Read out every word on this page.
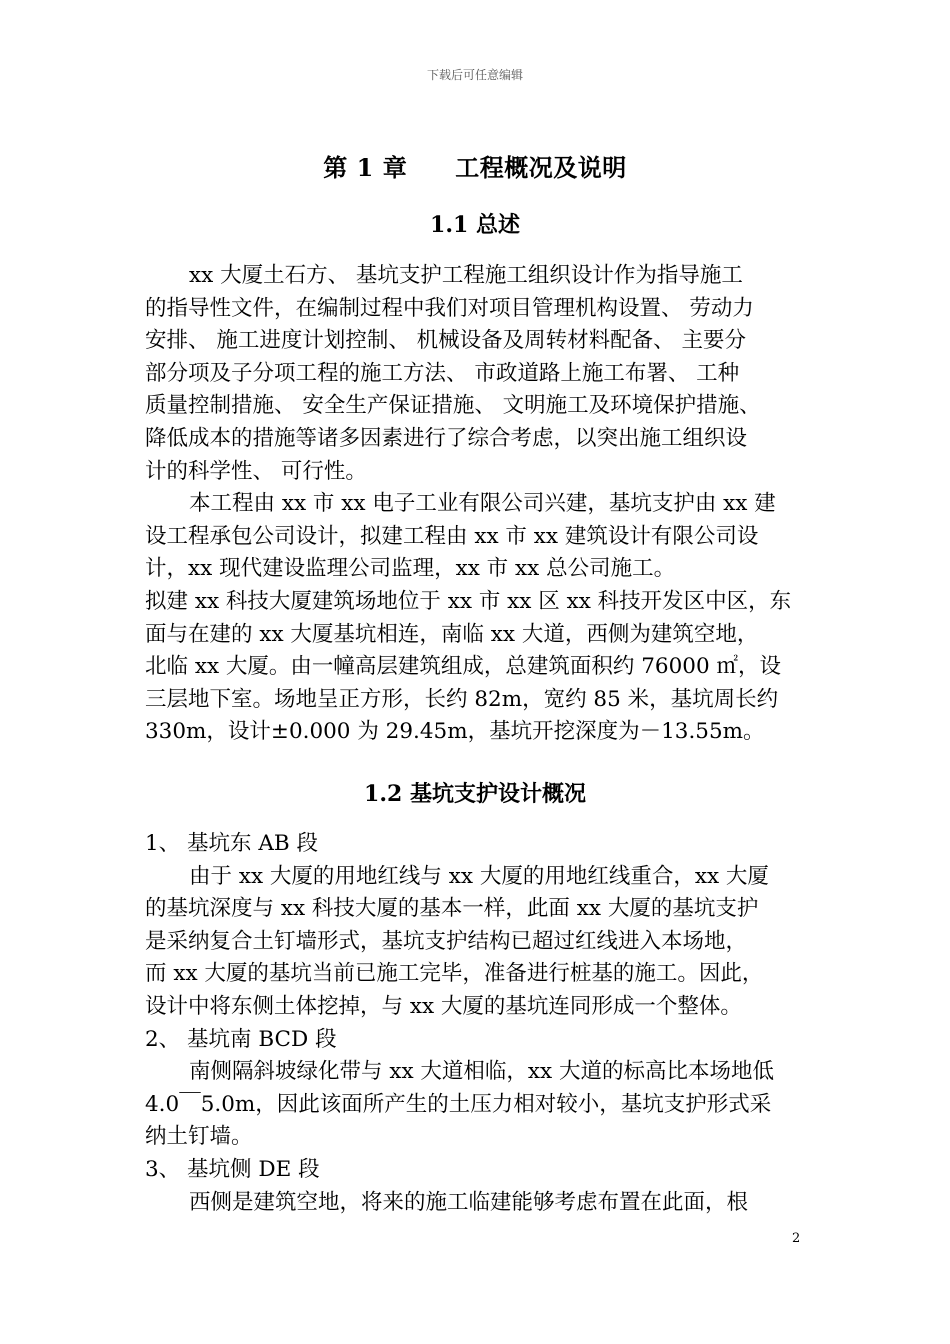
下载后可任意编辑
第 1 章 工程概况及说明
1.1 总述
xx 大厦土石方、 基坑支护工程施工组织设计作为指导施工
的指导性文件，在编制过程中我们对项目管理机构设置、 劳动力
安排、 施工进度计划控制、 机械设备及周转材料配备、 主要分
部分项及子分项工程的施工方法、 市政道路上施工布署、 工种
质量控制措施、 安全生产保证措施、 文明施工及环境保护措施、
降低成本的措施等诸多因素进行了综合考虑，以突出施工组织设
计的科学性、 可行性。
本工程由 xx 市 xx 电子工业有限公司兴建，基坑支护由 xx 建
设工程承包公司设计，拟建工程由 xx 市 xx 建筑设计有限公司设
计，xx 现代建设监理公司监理，xx 市 xx 总公司施工。
拟建 xx 科技大厦建筑场地位于 xx 市 xx 区 xx 科技开发区中区，东
面与在建的 xx 大厦基坑相连，南临 xx 大道，西侧为建筑空地，
北临 xx 大厦。由一幢高层建筑组成，总建筑面积约 76000 ㎡，设
三层地下室。场地呈正方形，长约 82m，宽约 85 米，基坑周长约
330m，设计±0.000 为 29.45m，基坑开挖深度为－13.55m。
1.2 基坑支护设计概况
1、 基坑东 AB 段
由于 xx 大厦的用地红线与 xx 大厦的用地红线重合，xx 大厦
的基坑深度与 xx 科技大厦的基本一样，此面 xx 大厦的基坑支护
是采纳复合土钉墙形式，基坑支护结构已超过红线进入本场地，
而 xx 大厦的基坑当前已施工完毕，准备进行桩基的施工。因此，
设计中将东侧土体挖掉，与 xx 大厦的基坑连同形成一个整体。
2、 基坑南 BCD 段
南侧隔斜坡绿化带与 xx 大道相临，xx 大道的标高比本场地低
4.0￣5.0m，因此该面所产生的土压力相对较小，基坑支护形式采
纳土钉墙。
3、 基坑侧 DE 段
西侧是建筑空地，将来的施工临建能够考虑布置在此面，根
2
